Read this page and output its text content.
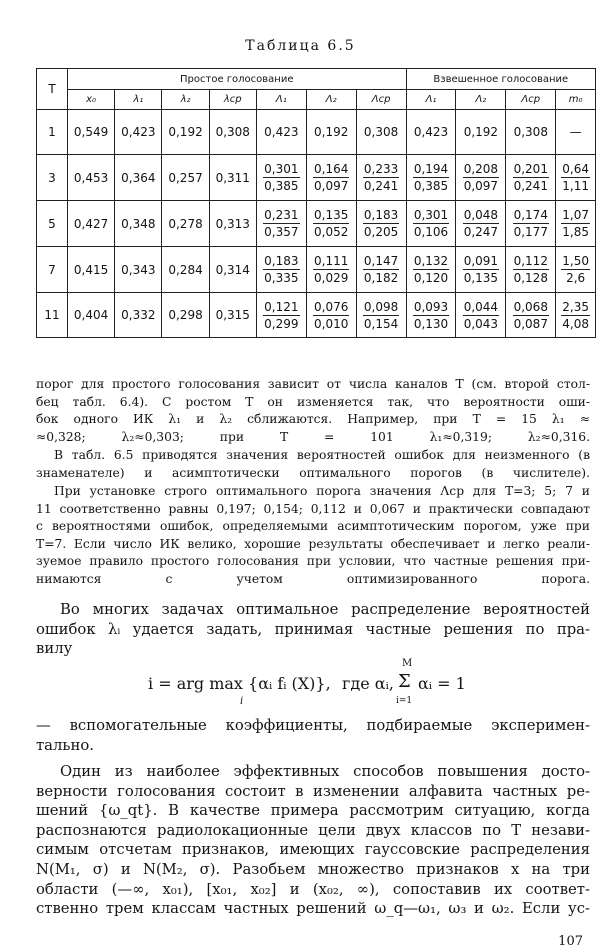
Таблица 6.5
Т	Простое голосование							Взвешенное голосование			
	x₀	λ₁	λ₂	λср	Λ₁	Λ₂	Λср	Λ₁	Λ₂	Λср	m₀
1	0,549	0,423	0,192	0,308	0,423	0,192	0,308	0,423	0,192	0,308	—
3	0,453	0,364	0,257	0,311	$\frac{0,301}{0,385}$	$\frac{0,164}{0,097}$	$\frac{0,233}{0,241}$	$\frac{0,194}{0,385}$	$\frac{0,208}{0,097}$	$\frac{0,201}{0,241}$	$\frac{0,64}{1,11}$

5	0,427	0,348	0,278	0,313	$\frac{0,231}{0,357}$	$\frac{0,135}{0,052}$	$\frac{0,183}{0,205}$	$\frac{0,301}{0,106}$	$\frac{0,048}{0,247}$	$\frac{0,174}{0,177}$	$\frac{1,07}{1,85}$

7	0,415	0,343	0,284	0,314	$\frac{0,183}{0,335}$	$\frac{0,111}{0,029}$	$\frac{0,147}{0,182}$	$\frac{0,132}{0,120}$	$\frac{0,091}{0,135}$	$\frac{0,112}{0,128}$	$\frac{1,50}{2,6}$

11	0,404	0,332	0,298	0,315	$\frac{0,121}{0,299}$	$\frac{0,076}{0,010}$	$\frac{0,098}{0,154}$	$\frac{0,093}{0,130}$	$\frac{0,044}{0,043}$	$\frac{0,068}{0,087}$	$\frac{2,35}{4,08}$

порог для простого голосования зависит от числа каналов T (см. второй стол-
бец табл. 6.4). С ростом T он изменяется так, что вероятности оши-
бок одного ИК λ₁ и λ₂ сближаются. Например, при T = 15 λ₁ ≈
≈0,328; λ₂≈0,303; при T = 101 λ₁≈0,319; λ₂≈0,316.

В табл. 6.5 приводятся значения вероятностей ошибок для неизменного (в
знаменателе) и асимптотически оптимального порогов (в числителе).

При установке строго оптимального порога значения Λср для T=3; 5; 7 и
11 соответственно равны 0,197; 0,154; 0,112 и 0,067 и практически совпадают
с вероятностями ошибок, определяемыми асимптотическим порогом, уже при
T=7. Если число ИК велико, хорошие результаты обеспечивает и легко реали-
зуемое правило простого голосования при условии, что частные решения при-
нимаются с учетом оптимизированного порога.

Во многих задачах оптимальное распределение вероятностей
ошибок λᵢ удается задать, принимая частные решения по пра-
вилу

i = arg max {αᵢ fᵢ (X)},
i
где αᵢ,
M
Σ
i=1
αᵢ = 1

— вспомогательные коэффициенты, подбираемые эксперимен-
тально.

Один из наиболее эффективных способов повышения досто-
верности голосования состоит в изменении алфавита частных ре-
шений {ω_qt}. В качестве примера рассмотрим ситуацию, когда
распознаются радиолокационные цели двух классов по T незави-
симым отсчетам признаков, имеющих гауссовские распределения
N(M₁, σ) и N(M₂, σ). Разобьем множество признаков x на три
области (—∞, x₀₁), [x₀₁, x₀₂] и (x₀₂, ∞), сопоставив их соответ-
ственно трем классам частных решений ω_q—ω₁, ω₃ и ω₂. Если ус-

107
